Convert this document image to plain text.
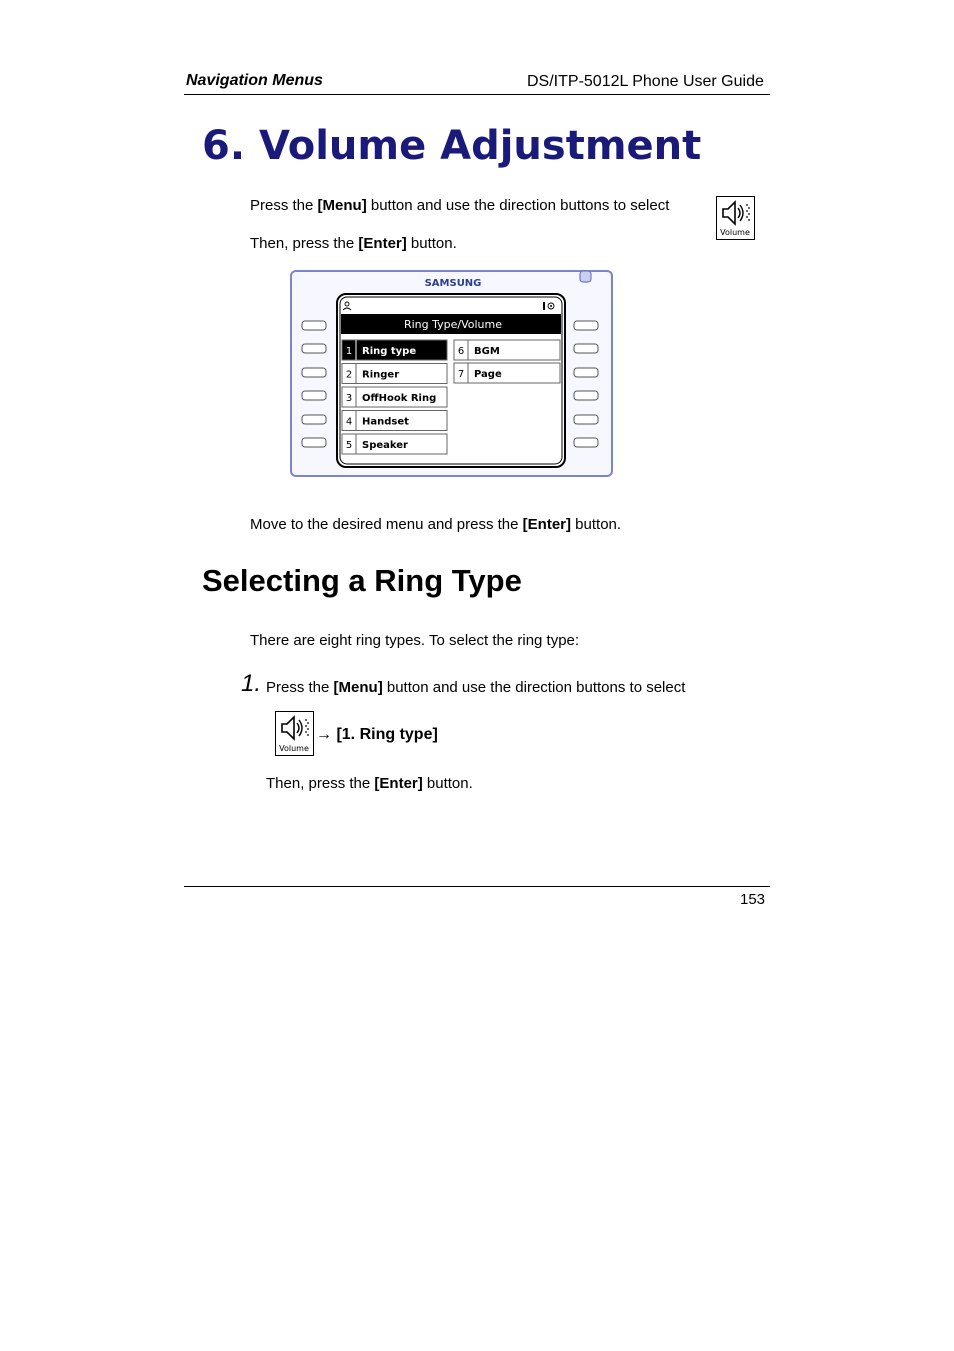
Navigation Menus	DS/ITP-5012L Phone User Guide
6. Volume Adjustment
Press the [Menu] button and use the direction buttons to select
Then, press the [Enter] button.
Volume
SAMSUNG
Ring Type/Volume
1 Ring type
2 Ringer
3 OffHook Ring
4 Handset
5 Speaker
6 BGM
7 Page
Move to the desired menu and press the [Enter] button.
Selecting a Ring Type
There are eight ring types. To select the ring type:
1. Press the [Menu] button and use the direction buttons to select
Volume
→ [1. Ring type]
Then, press the [Enter] button.
153
